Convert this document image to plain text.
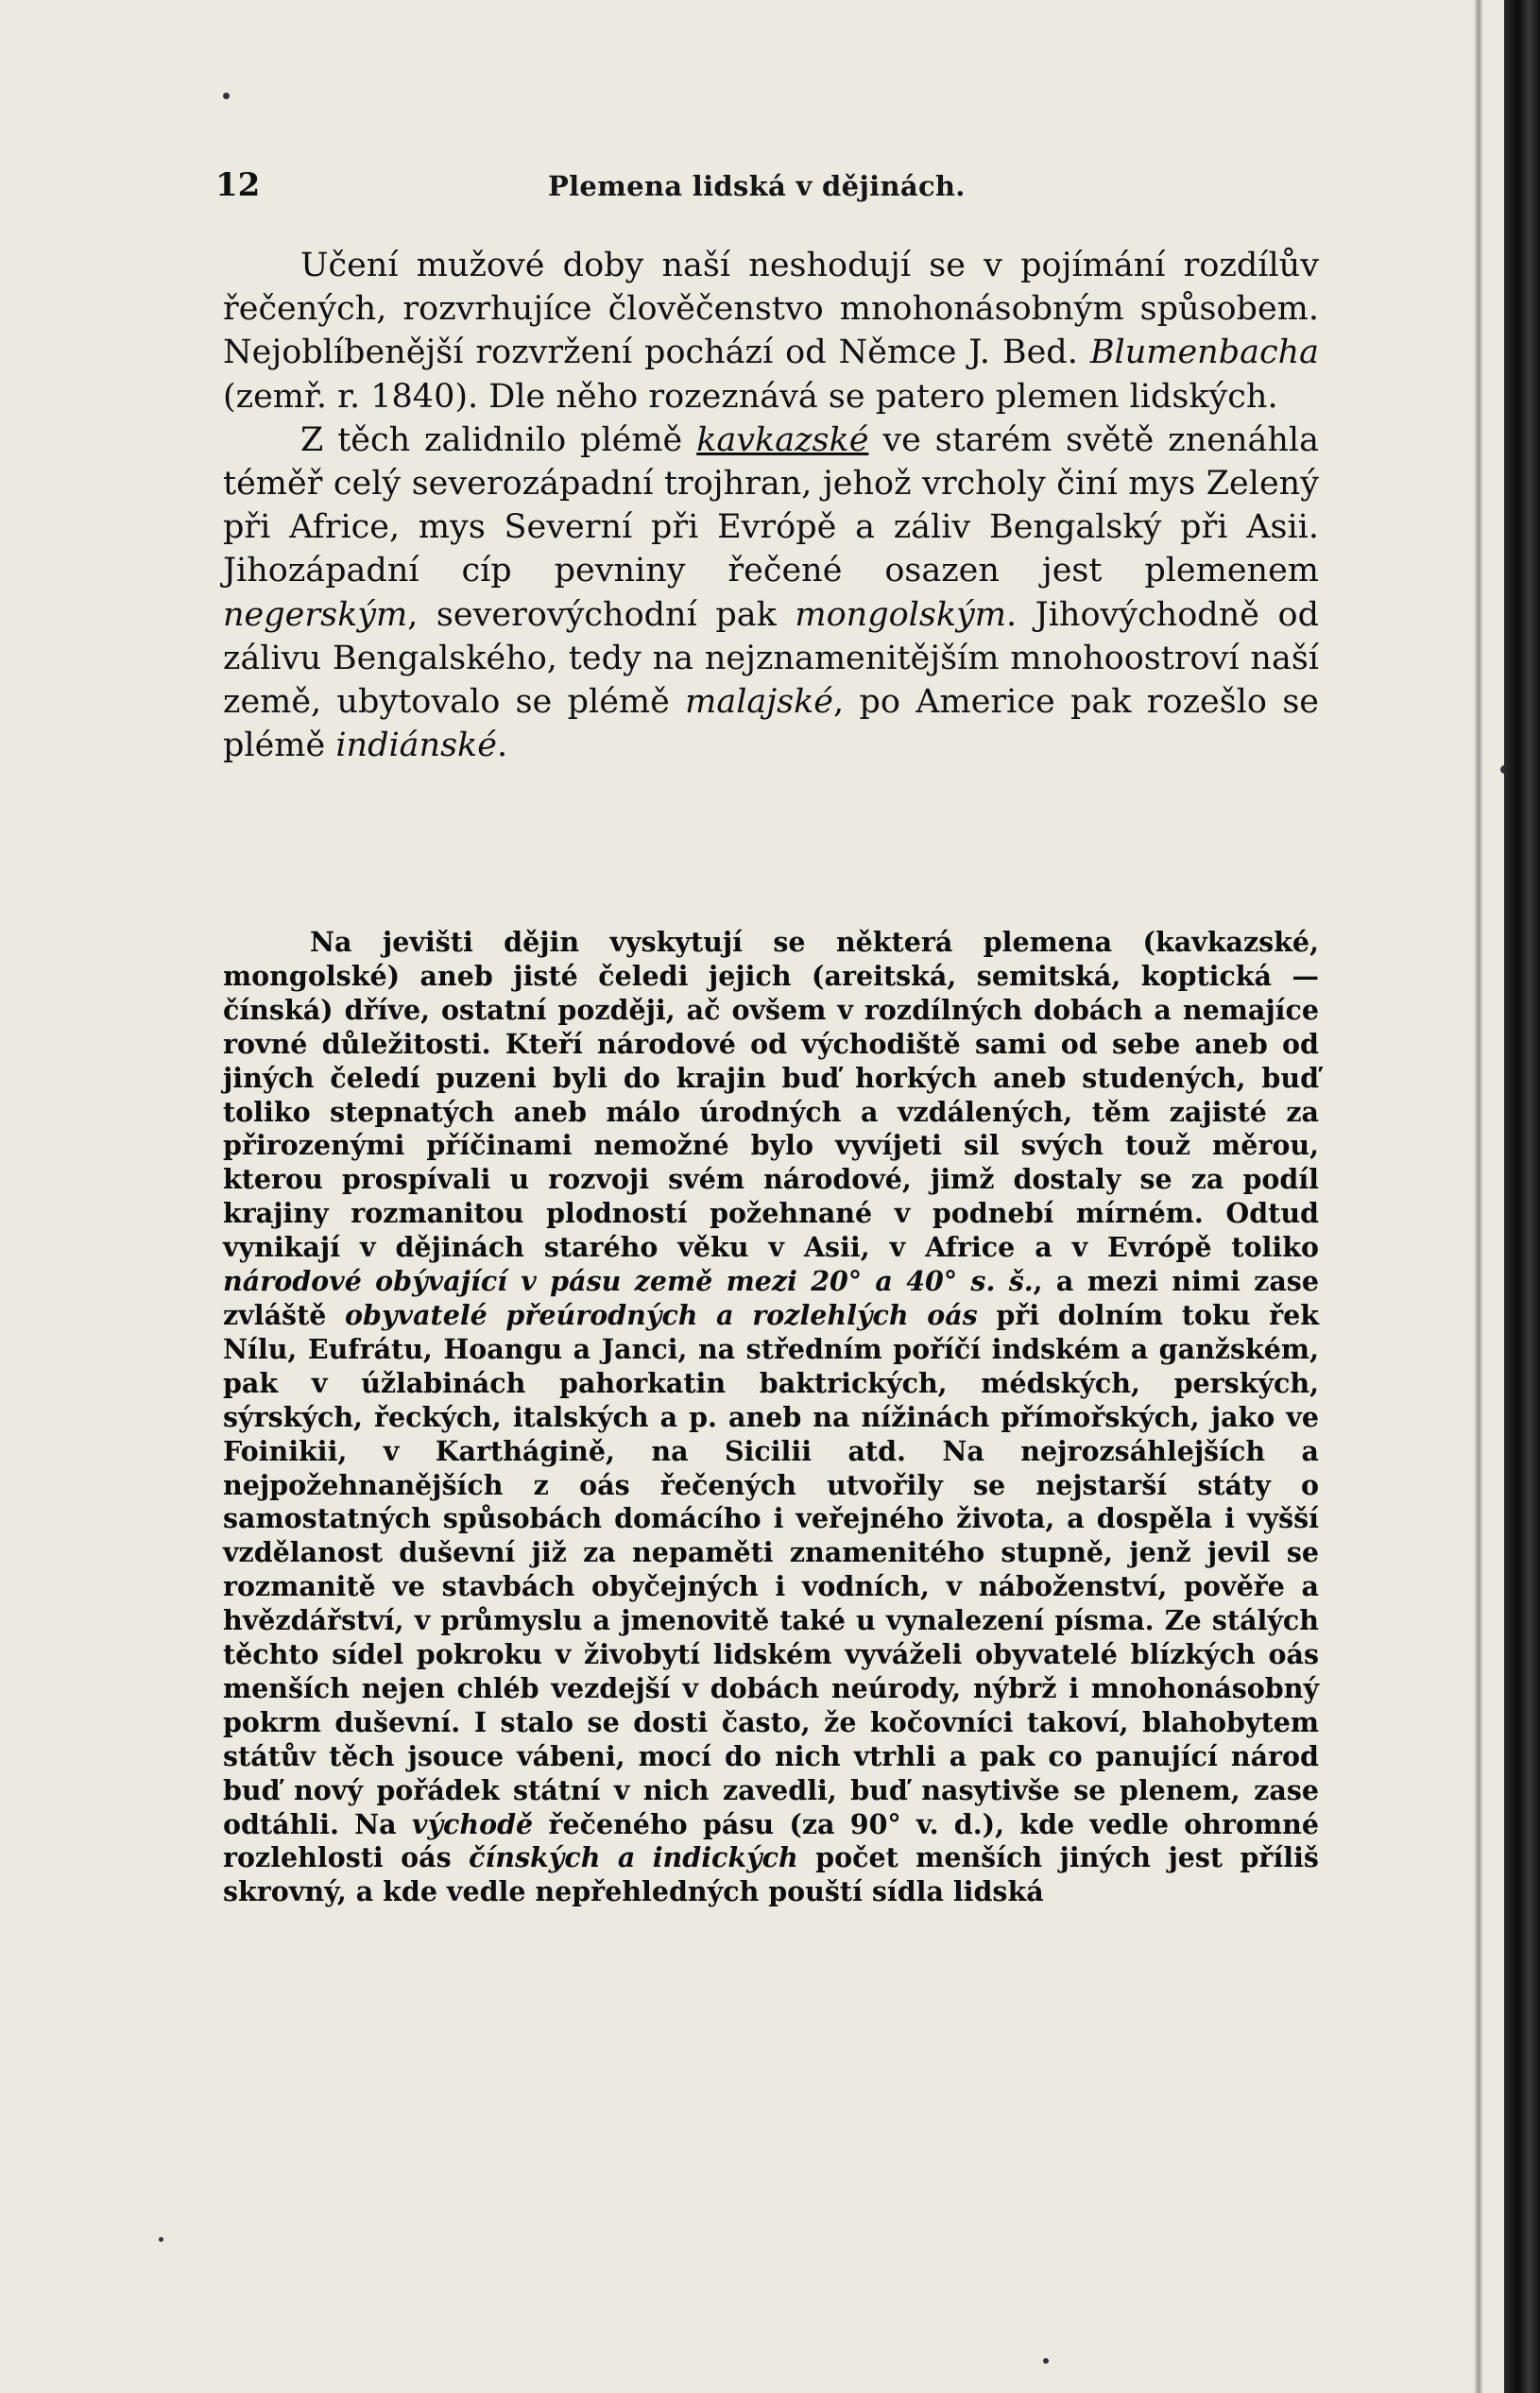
12	Plemena lidská v dějinách.

Učení mužové doby naší neshodují se v pojímání rozdílův řečených, rozvrhujíce člověčenstvo mnohonásobným spůsobem. Nejoblíbenější rozvržení pochází od Němce J. Bed. Blumenbacha (zemř. r. 1840). Dle něho rozeznává se patero plemen lidských.

Z těch zalidnilo plémě kavkazské ve starém světě znenáhla téměř celý severozápadní trojhran, jehož vrcholy činí mys Zelený při Africe, mys Severní při Evrópě a záliv Bengalský při Asii. Jihozápadní cíp pevniny řečené osazen jest plemenem negerským, severovýchodní pak mongolským. Jihovýchodně od zálivu Bengalského, tedy na nejznamenitějším mnohoostroví naší země, ubytovalo se plémě malajské, po Americe pak rozešlo se plémě indiánské.

Na jevišti dějin vyskytují se některá plemena (kavkazské, mongolské) aneb jisté čeledi jejich (areitská, semitská, koptická — čínská) dříve, ostatní později, ač ovšem v rozdílných dobách a nemajíce rovné důležitosti. Kteří národové od východiště sami od sebe aneb od jiných čeledí puzeni byli do krajin buď horkých aneb studených, buď toliko stepnatých aneb málo úrodných a vzdálených, těm zajisté za přirozenými příčinami nemožné bylo vyvíjeti sil svých touž měrou, kterou prospívali u rozvoji svém národové, jimž dostaly se za podíl krajiny rozmanitou plodností požehnané v podnebí mírném. Odtud vynikají v dějinách starého věku v Asii, v Africe a v Evrópě toliko národové obývající v pásu země mezi 20° a 40° s. š., a mezi nimi zase zvláště obyvatelé přeúrodných a rozlehlých oás při dolním toku řek Nílu, Eufrátu, Hoangu a Janci, na středním poříčí indském a ganžském, pak v úžlabinách pahorkatin baktrických, médských, perských, sýrských, řeckých, italských a p. aneb na nížinách přímořských, jako ve Foinikii, v Karthágině, na Sicilii atd. Na nejrozsáhlejších a nejpožehnanějších z oás řečených utvořily se nejstarší státy o samostatných spůsobách domácího i veřejného života, a dospěla i vyšší vzdělanost duševní již za nepaměti znamenitého stupně, jenž jevil se rozmanitě ve stavbách obyčejných i vodních, v náboženství, pověře a hvězdářství, v průmyslu a jmenovitě také u vynalezení písma. Ze stálých těchto sídel pokroku v živobytí lidském vyváželi obyvatelé blízkých oás menších nejen chléb vezdejší v dobách neúrody, nýbrž i mnohonásobný pokrm duševní. I stalo se dosti často, že kočovníci takoví, blahobytem státův těch jsouce vábeni, mocí do nich vtrhli a pak co panující národ buď nový pořádek státní v nich zavedli, buď nasytivše se plenem, zase odtáhli. Na východě řečeného pásu (za 90° v. d.), kde vedle ohromné rozlehlosti oás čínských a indických počet menších jiných jest příliš skrovný, a kde vedle nepřehledných pouští sídla lidská
